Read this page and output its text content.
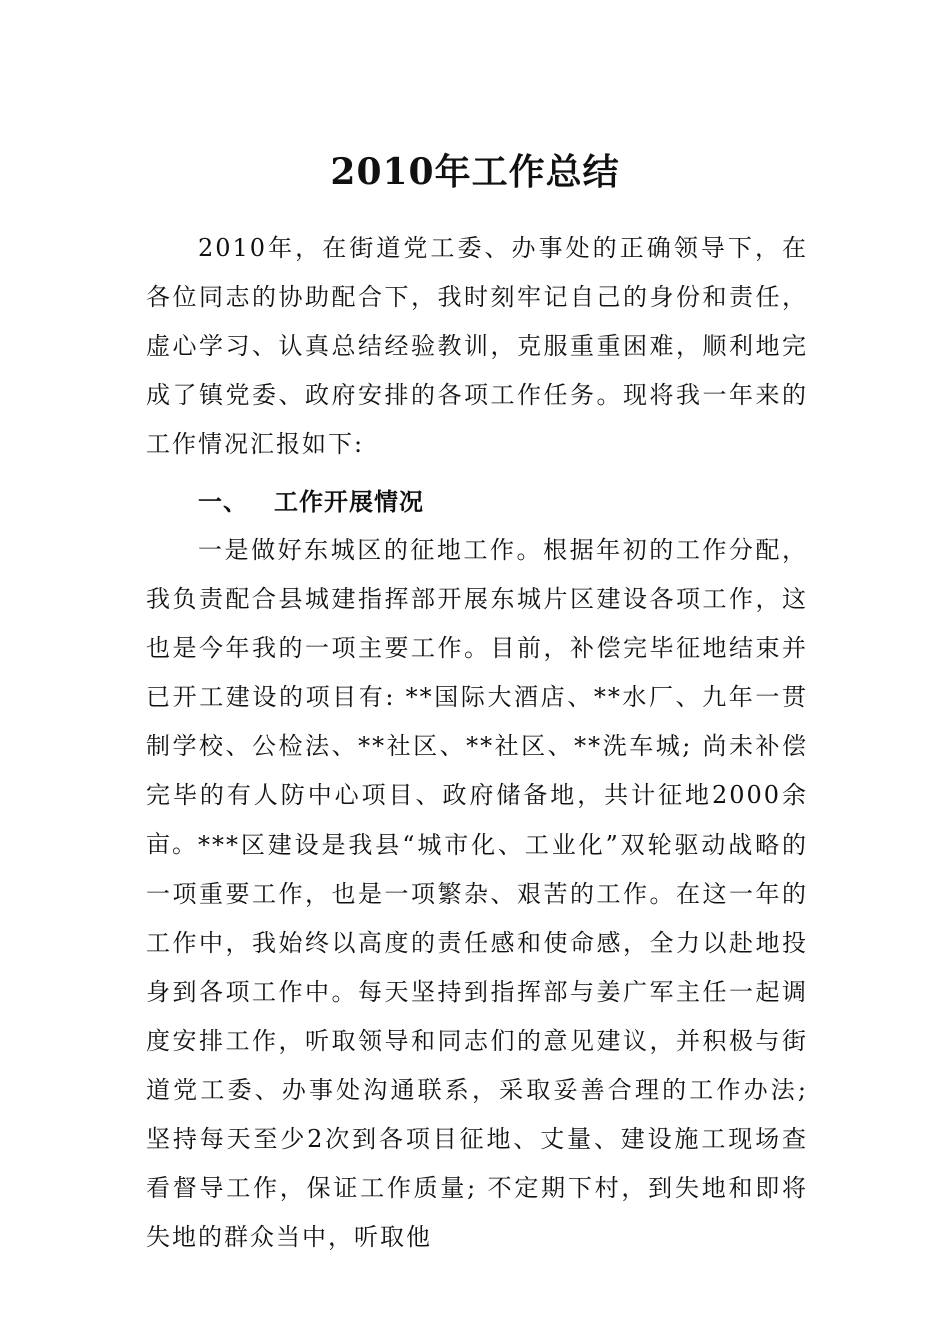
2010年工作总结

2010年，在街道党工委、办事处的正确领导下，在各位同志的协助配合下，我时刻牢记自己的身份和责任，虚心学习、认真总结经验教训，克服重重困难，顺利地完成了镇党委、政府安排的各项工作任务。现将我一年来的工作情况汇报如下:

一、 工作开展情况

一是做好东城区的征地工作。根据年初的工作分配，我负责配合县城建指挥部开展东城片区建设各项工作，这也是今年我的一项主要工作。目前，补偿完毕征地结束并已开工建设的项目有: **国际大酒店、**水厂、九年一贯制学校、公检法、**社区、**社区、**洗车城; 尚未补偿完毕的有人防中心项目、政府储备地，共计征地2000余亩。 ***区建设是我县“城市化、工业化”双轮驱动战略的一项重要工作，也是一项繁杂、艰苦的工作。在这一年的工作中，我始终以高度的责任感和使命感，全力以赴地投身到各项工作中。每天坚持到指挥部与姜广军主任一起调度安排工作，听取领导和同志们的意见建议，并积极与街道党工委、办事处沟通联系，采取妥善合理的工作办法; 坚持每天至少2次到各项目征地、丈量、建设施工现场查看督导工作，保证工作质量; 不定期下村，到失地和即将失地的群众当中，听取他
